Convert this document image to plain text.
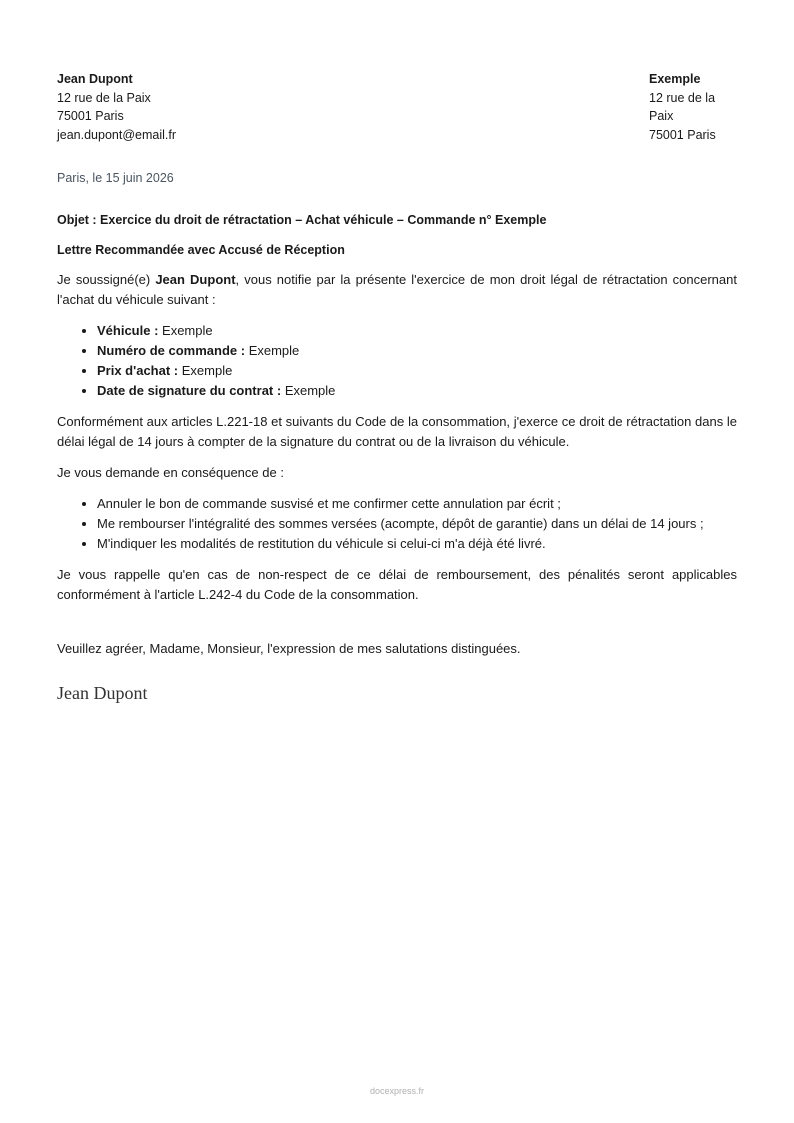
Jean Dupont
12 rue de la Paix
75001 Paris
jean.dupont@email.fr
Exemple
12 rue de la Paix
75001 Paris
Paris, le 15 juin 2026
Objet : Exercice du droit de rétractation – Achat véhicule – Commande n° Exemple
Lettre Recommandée avec Accusé de Réception

Je soussigné(e) Jean Dupont, vous notifie par la présente l'exercice de mon droit légal de rétractation concernant l'achat du véhicule suivant :

• Véhicule : Exemple
• Numéro de commande : Exemple
• Prix d'achat : Exemple
• Date de signature du contrat : Exemple

Conformément aux articles L.221-18 et suivants du Code de la consommation, j'exerce ce droit de rétractation dans le délai légal de 14 jours à compter de la signature du contrat ou de la livraison du véhicule.

Je vous demande en conséquence de :

• Annuler le bon de commande susvisé et me confirmer cette annulation par écrit ;
• Me rembourser l'intégralité des sommes versées (acompte, dépôt de garantie) dans un délai de 14 jours ;
• M'indiquer les modalités de restitution du véhicule si celui-ci m'a déjà été livré.

Je vous rappelle qu'en cas de non-respect de ce délai de remboursement, des pénalités seront applicables conformément à l'article L.242-4 du Code de la consommation.

Veuillez agréer, Madame, Monsieur, l'expression de mes salutations distinguées.

Jean Dupont
docexpress.fr
